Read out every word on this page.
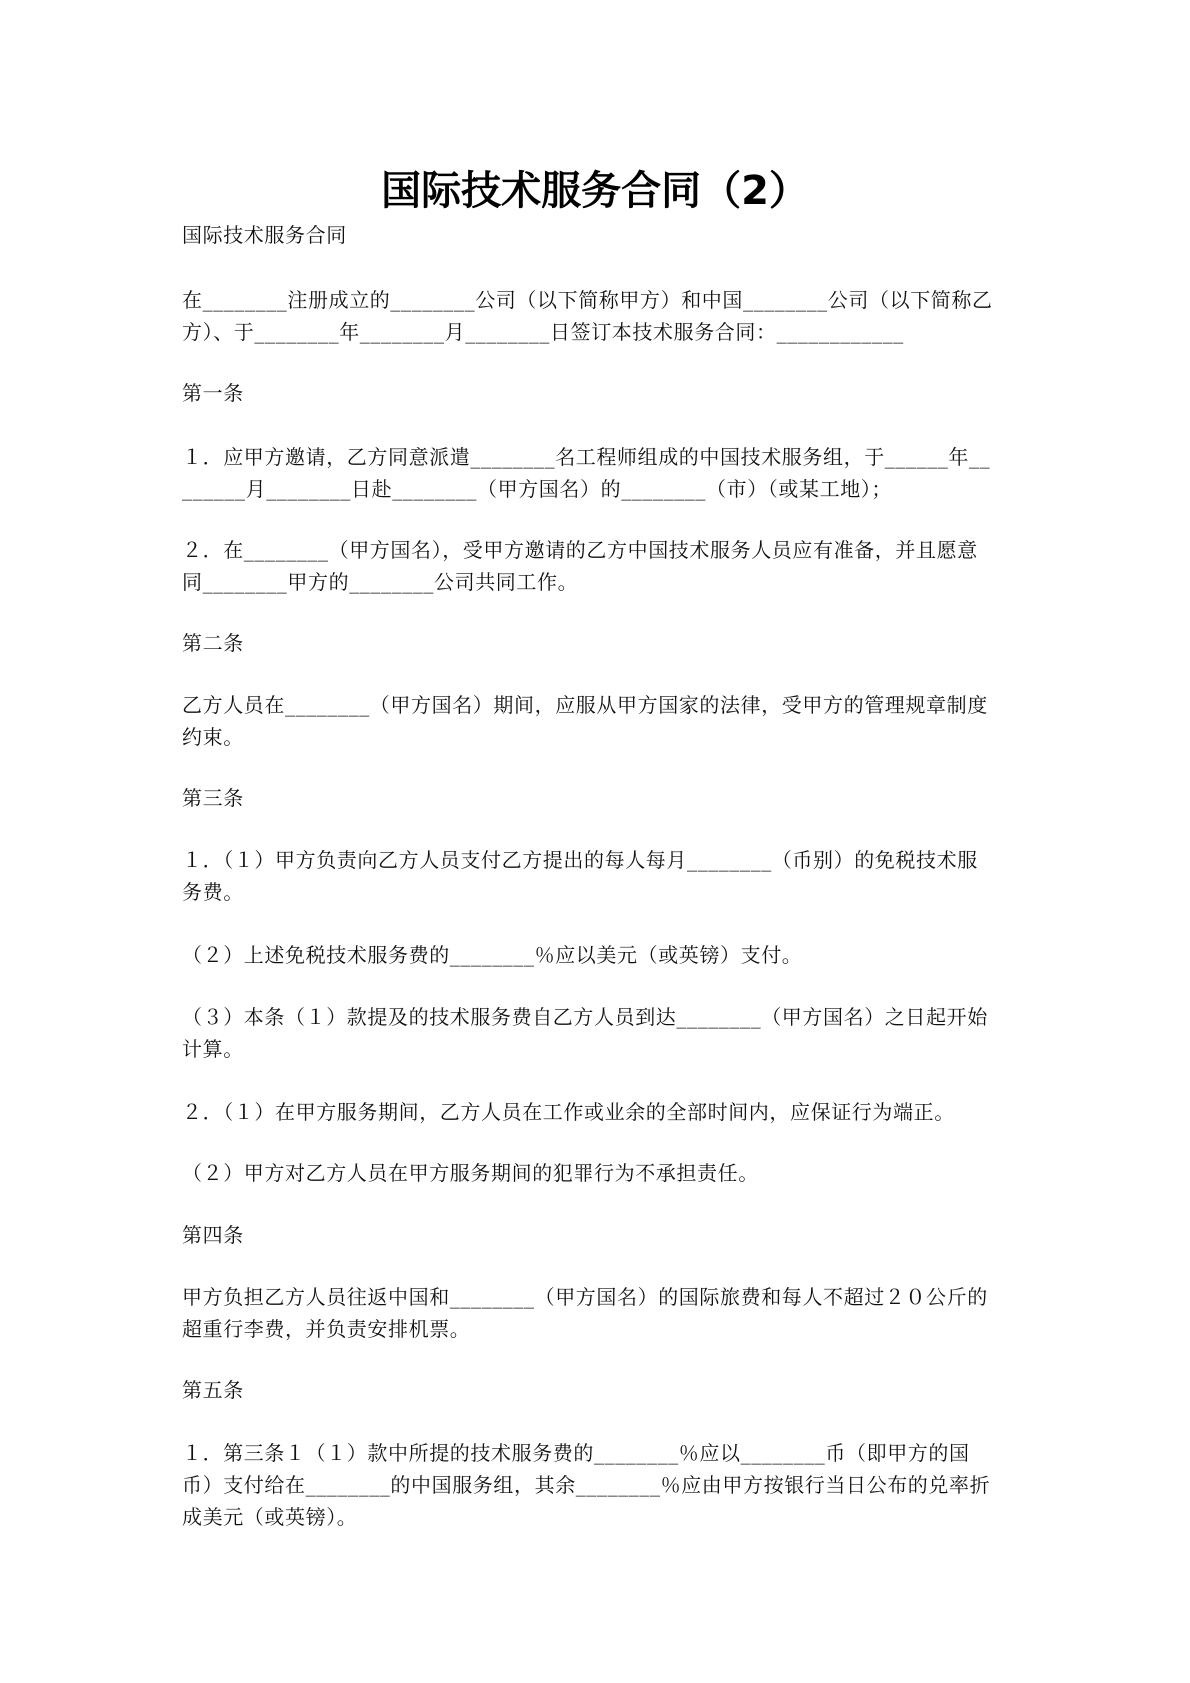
国际技术服务合同（2）
国际技术服务合同
在________注册成立的________公司（以下简称甲方）和中国________公司（以下简称乙
方）、于________年________月________日签订本技术服务合同：____________
第一条
１．应甲方邀请，乙方同意派遣________名工程师组成的中国技术服务组，于______年__
______月________日赴________（甲方国名）的________（市）（或某工地）；
２．在________（甲方国名），受甲方邀请的乙方中国技术服务人员应有准备，并且愿意
同________甲方的________公司共同工作。
第二条
乙方人员在________（甲方国名）期间，应服从甲方国家的法律，受甲方的管理规章制度
约束。
第三条
１．（１）甲方负责向乙方人员支付乙方提出的每人每月________（币别）的免税技术服
务费。
（２）上述免税技术服务费的________％应以美元（或英镑）支付。
（３）本条（１）款提及的技术服务费自乙方人员到达________（甲方国名）之日起开始
计算。
２．（１）在甲方服务期间，乙方人员在工作或业余的全部时间内，应保证行为端正。
（２）甲方对乙方人员在甲方服务期间的犯罪行为不承担责任。
第四条
甲方负担乙方人员往返中国和________（甲方国名）的国际旅费和每人不超过２０公斤的
超重行李费，并负责安排机票。
第五条
１．第三条１（１）款中所提的技术服务费的________％应以________币（即甲方的国
币）支付给在________的中国服务组，其余________％应由甲方按银行当日公布的兑率折
成美元（或英镑）。
